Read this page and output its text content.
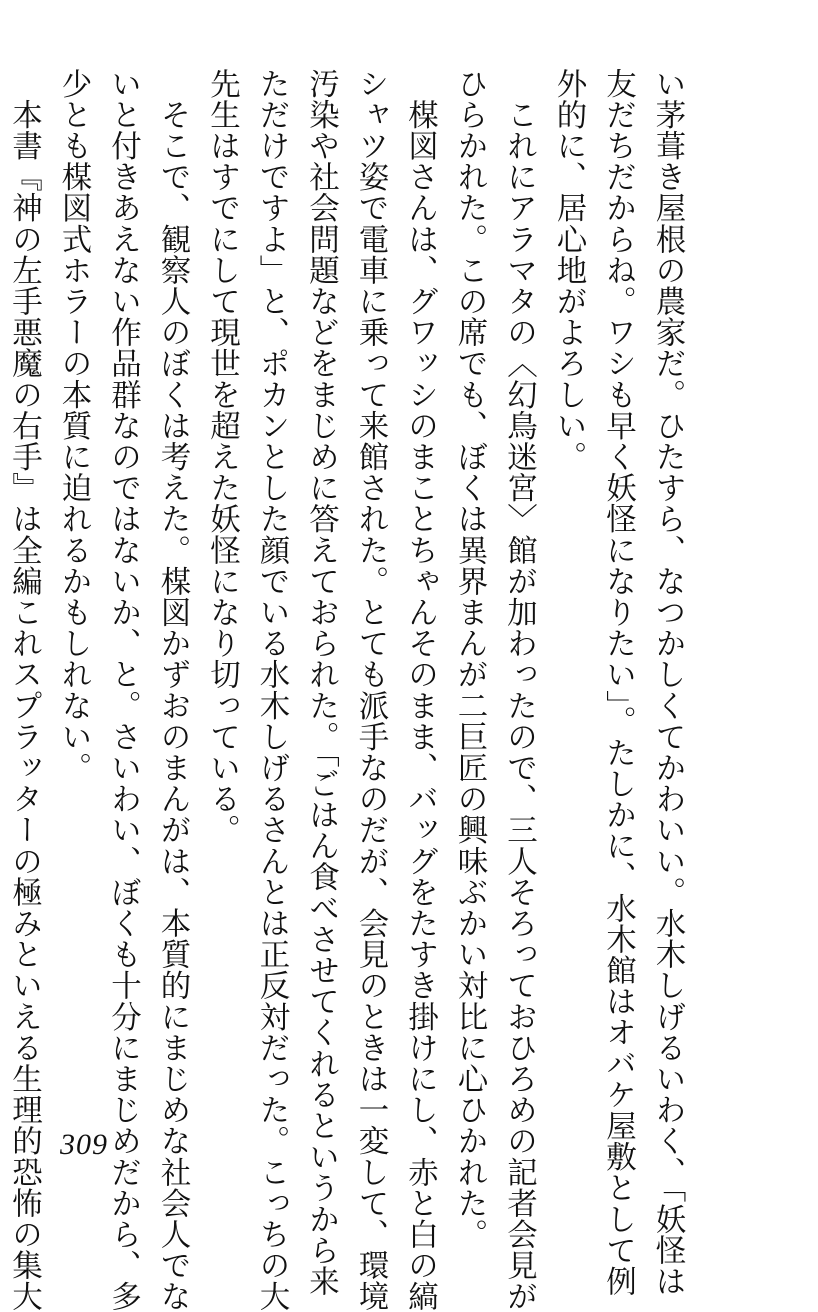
い茅葺き屋根の農家だ。ひたすら、なつかしくてかわいい。水木しげるいわく、「妖怪は

友だちだからね。ワシも早く妖怪になりたい」。たしかに、水木館はオバケ屋敷として例

外的に、居心地がよろしい。

　これにアラマタの〈幻鳥迷宮〉館が加わったので、三人そろっておひろめの記者会見が

ひらかれた。この席でも、ぼくは異界まんが二巨匠の興味ぶかい対比に心ひかれた。

　楳図さんは、グワッシのまことちゃんそのまま、バッグをたすき掛けにし、赤と白の縞

シャツ姿で電車に乗って来館された。とても派手なのだが、会見のときは一変して、環境

汚染や社会問題などをまじめに答えておられた。「ごはん食べさせてくれるというから来

ただけですよ」と、ポカンとした顔でいる水木しげるさんとは正反対だった。こっちの大

先生はすでにして現世を超えた妖怪になり切っている。

　そこで、観察人のぼくは考えた。楳図かずおのまんがは、本質的にまじめな社会人でな

いと付きあえない作品群なのではないか、と。さいわい、ぼくも十分にまじめだから、多

少とも楳図式ホラーの本質に迫れるかもしれない。

　本書『神の左手悪魔の右手』は全編これスプラッターの極みといえる生理的恐怖の集大 309
